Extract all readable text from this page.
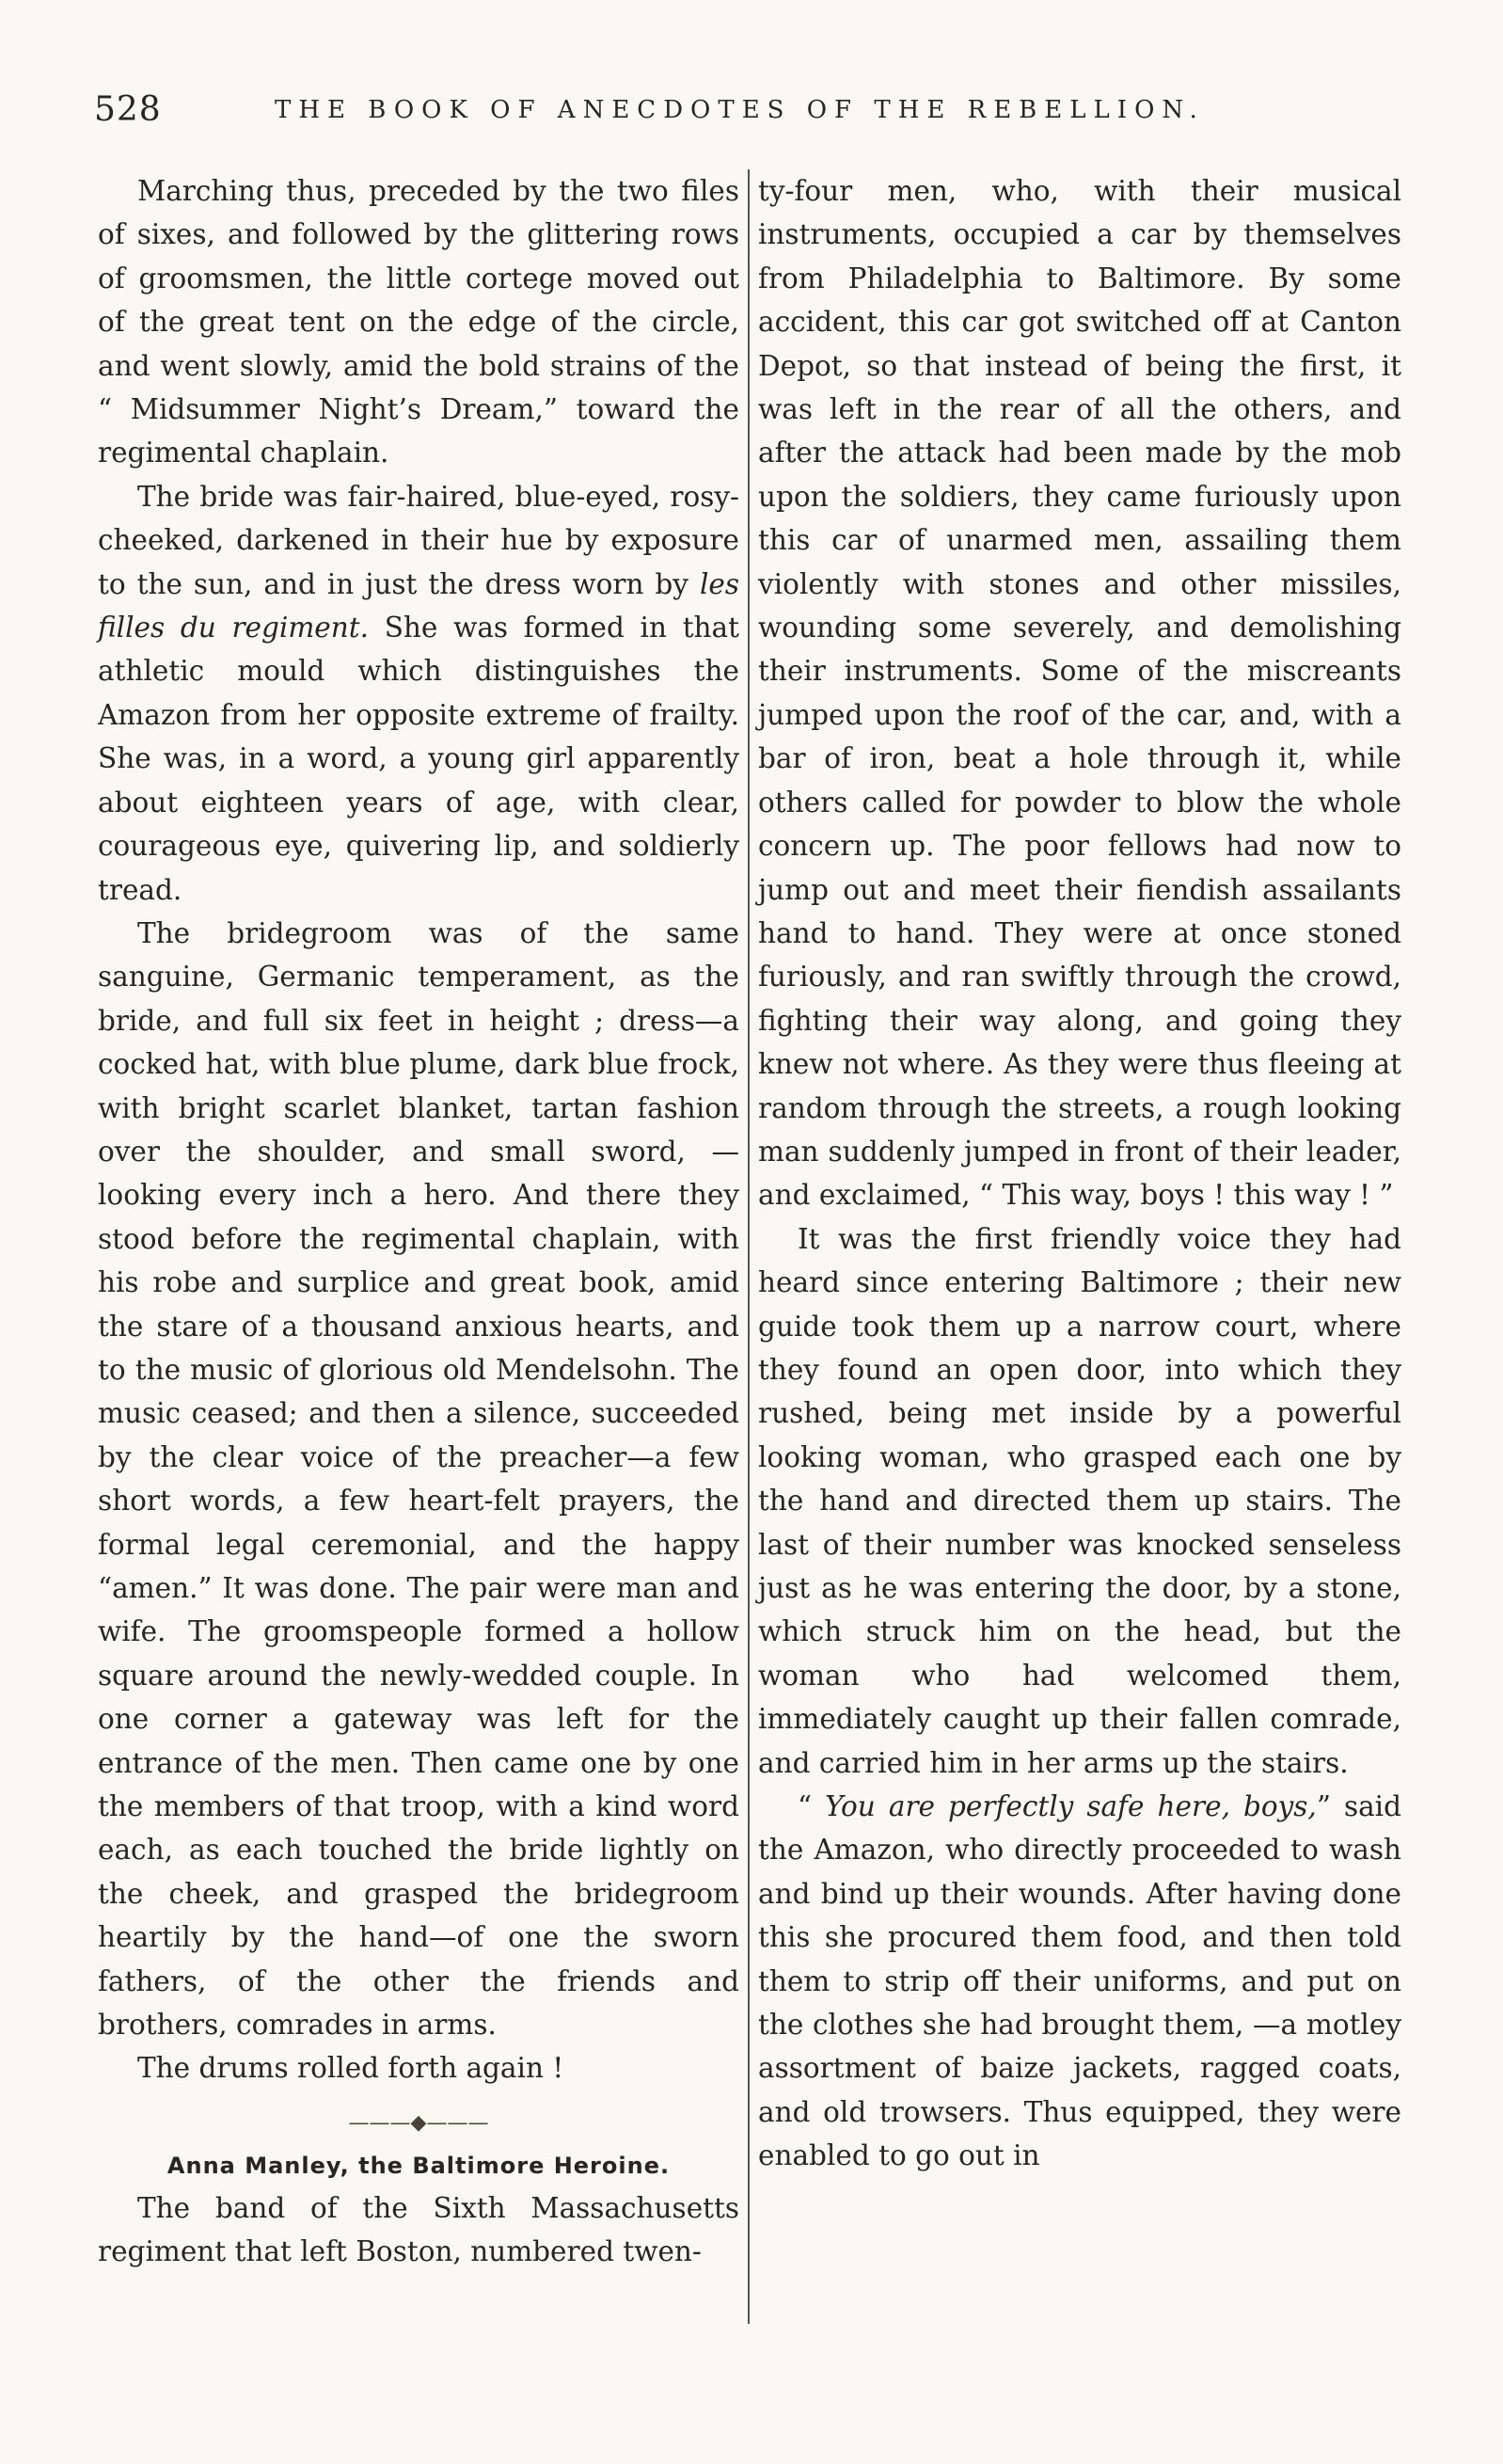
528	THE BOOK OF ANECDOTES OF THE REBELLION.

Marching thus, preceded by the two files of sixes, and followed by the glittering rows of groomsmen, the little cortege moved out of the great tent on the edge of the circle, and went slowly, amid the bold strains of the “ Midsummer Night’s Dream,” toward the regimental chaplain.

The bride was fair-haired, blue-eyed, rosy-cheeked, darkened in their hue by exposure to the sun, and in just the dress worn by les filles du regiment. She was formed in that athletic mould which distinguishes the Amazon from her opposite extreme of frailty. She was, in a word, a young girl apparently about eighteen years of age, with clear, courageous eye, quivering lip, and soldierly tread.

The bridegroom was of the same sanguine, Germanic temperament, as the bride, and full six feet in height ; dress—a cocked hat, with blue plume, dark blue frock, with bright scarlet blanket, tartan fashion over the shoulder, and small sword, —looking every inch a hero. And there they stood before the regimental chaplain, with his robe and surplice and great book, amid the stare of a thousand anxious hearts, and to the music of glorious old Mendelsohn. The music ceased; and then a silence, succeeded by the clear voice of the preacher—a few short words, a few heart-felt prayers, the formal legal ceremonial, and the happy “amen.” It was done. The pair were man and wife. The groomspeople formed a hollow square around the newly-wedded couple. In one corner a gateway was left for the entrance of the men. Then came one by one the members of that troop, with a kind word each, as each touched the bride lightly on the cheek, and grasped the bridegroom heartily by the hand—of one the sworn fathers, of the other the friends and brothers, comrades in arms.

The drums rolled forth again !

———◆———
Anna Manley, the Baltimore Heroine.

The band of the Sixth Massachusetts regiment that left Boston, numbered twen-

ty-four men, who, with their musical instruments, occupied a car by themselves from Philadelphia to Baltimore. By some accident, this car got switched off at Canton Depot, so that instead of being the first, it was left in the rear of all the others, and after the attack had been made by the mob upon the soldiers, they came furiously upon this car of unarmed men, assailing them violently with stones and other missiles, wounding some severely, and demolishing their instruments. Some of the miscreants jumped upon the roof of the car, and, with a bar of iron, beat a hole through it, while others called for powder to blow the whole concern up. The poor fellows had now to jump out and meet their fiendish assailants hand to hand. They were at once stoned furiously, and ran swiftly through the crowd, fighting their way along, and going they knew not where. As they were thus fleeing at random through the streets, a rough looking man suddenly jumped in front of their leader, and exclaimed, “ This way, boys ! this way ! ”

It was the first friendly voice they had heard since entering Baltimore ; their new guide took them up a narrow court, where they found an open door, into which they rushed, being met inside by a powerful looking woman, who grasped each one by the hand and directed them up stairs. The last of their number was knocked senseless just as he was entering the door, by a stone, which struck him on the head, but the woman who had welcomed them, immediately caught up their fallen comrade, and carried him in her arms up the stairs.

“ You are perfectly safe here, boys,” said the Amazon, who directly proceeded to wash and bind up their wounds. After having done this she procured them food, and then told them to strip off their uniforms, and put on the clothes she had brought them, —a motley assortment of baize jackets, ragged coats, and old trowsers. Thus equipped, they were enabled to go out in
